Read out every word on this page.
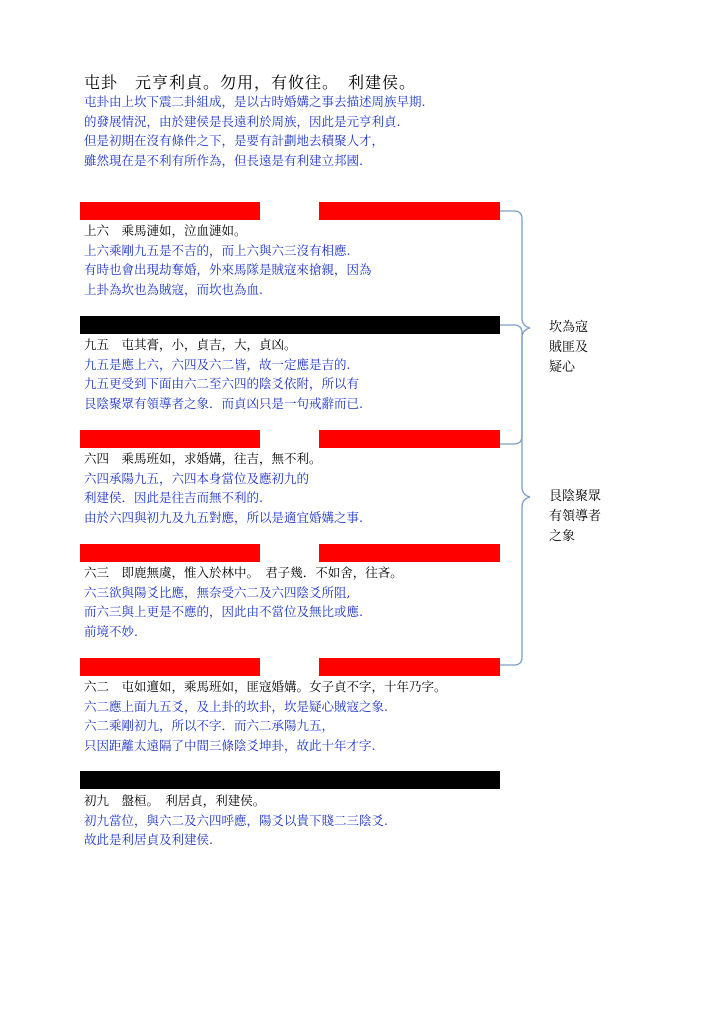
屯卦　元亨利貞。勿用，有攸往。　利建侯。
屯卦由上坎下震二卦組成，是以古時婚媾之事去描述周族早期.
的發展情況，由於建侯是長遠利於周族，因此是元亨利貞.
但是初期在沒有條件之下，是要有計劃地去積聚人才，
雖然現在是不利有所作為，但長遠是有利建立邦國.
上六　乘馬漣如，泣血漣如。
上六乘剛九五是不吉的，而上六與六三沒有相應.
有時也會出現劫奪婚，外來馬隊是賊寇來搶親，因為
上卦為坎也為賊寇，而坎也為血.
九五　屯其膏，小，貞吉，大，貞凶。
九五是應上六，六四及六二皆，故一定應是吉的.
九五更受到下面由六二至六四的陰爻依附，所以有
艮陰聚眾有領導者之象．而貞凶只是一句戒辭而已.
六四　乘馬班如，求婚媾，往吉，無不利。
六四承陽九五，六四本身當位及應初九的
利建侯．因此是往吉而無不利的.
由於六四與初九及九五對應，所以是適宜婚媾之事.
六三　即鹿無虞，惟入於林中。　君子幾．不如舍，往吝。
六三欲與陽爻比應，無奈受六二及六四陰爻所阻,
而六三與上更是不應的，因此由不當位及無比或應.
前境不妙.
六二　屯如邅如，乘馬班如，匪寇婚媾。女子貞不字，十年乃字。
六二應上面九五爻，及上卦的坎卦，坎是疑心賊寇之象.
六二乘剛初九，所以不字．而六二承陽九五，
只因距離太遠隔了中間三條陰爻坤卦，故此十年才字.
初九　盤桓。　利居貞，利建侯。
初九當位，與六二及六四呼應，陽爻以貴下賤二三陰爻.
故此是利居貞及利建侯.
坎為寇
賊匪及
疑心
艮陰聚眾
有領導者
之象
